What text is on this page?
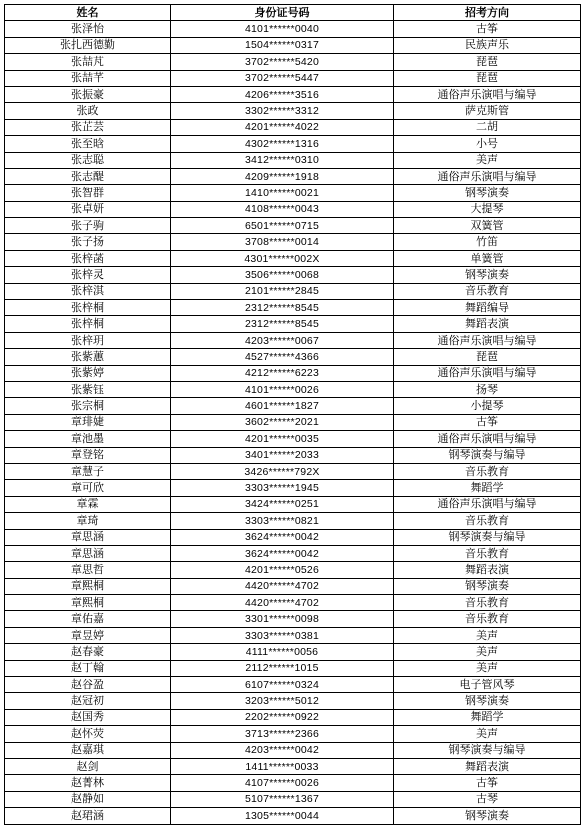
姓名	身份证号码	招考方向
张泽怡	4101******0040	古筝
张扎西德勤	1504******0317	民族声乐
张喆芃	3702******5420	琵琶
张喆芊	3702******5447	琵琶
张振豪	4206******3516	通俗声乐演唱与编导
张政	3302******3312	萨克斯管
张芷芸	4201******4022	二胡
张至晗	4302******1316	小号
张志聪	3412******0310	美声
张志醍	4209******1918	通俗声乐演唱与编导
张智群	1410******0021	钢琴演奏
张卓妍	4108******0043	大提琴
张子驹	6501******0715	双簧管
张子扬	3708******0014	竹笛
张梓菡	4301******002X	单簧管
张梓灵	3506******0068	钢琴演奏
张梓淇	2101******2845	音乐教育
张梓桐	2312******8545	舞蹈编导
张梓桐	2312******8545	舞蹈表演
张梓玥	4203******0067	通俗声乐演唱与编导
张紫蕙	4527******4366	琵琶
张紫婷	4212******6223	通俗声乐演唱与编导
张紫钰	4101******0026	扬琴
张宗桐	4601******1827	小提琴
章琲婕	3602******2021	古筝
章池墨	4201******0035	通俗声乐演唱与编导
章登铭	3401******2033	钢琴演奏与编导
章慧子	3426******792X	音乐教育
章可欣	3303******1945	舞蹈学
章霖	3424******0251	通俗声乐演唱与编导
章琦	3303******0821	音乐教育
章思涵	3624******0042	钢琴演奏与编导
章思涵	3624******0042	音乐教育
章思哲	4201******0526	舞蹈表演
章熙桐	4420******4702	钢琴演奏
章熙桐	4420******4702	音乐教育
章佑嘉	3301******0098	音乐教育
章昱婷	3303******0381	美声
赵春豪	4111******0056	美声
赵丁翰	2112******1015	美声
赵谷盈	6107******0324	电子管风琴
赵冠初	3203******5012	钢琴演奏
赵国秀	2202******0922	舞蹈学
赵怀荧	3713******2366	美声
赵嘉琪	4203******0042	钢琴演奏与编导
赵剑	1411******0033	舞蹈表演
赵菁林	4107******0026	古筝
赵静如	5107******1367	古琴
赵珺涵	1305******0044	钢琴演奏
